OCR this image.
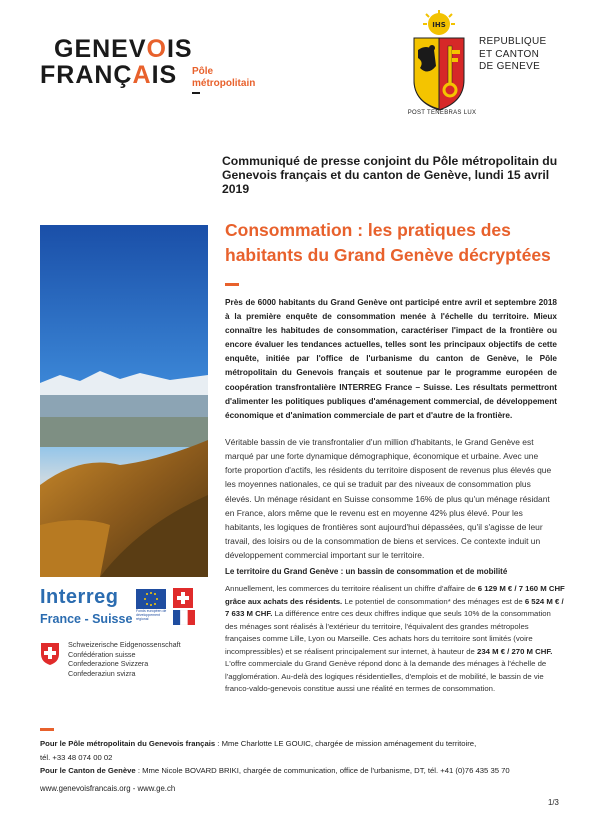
GENEVOIS
FRANÇAIS Pôle
métropolitain
IHS
POST TENEBRAS LUX
REPUBLIQUE
ET CANTON
DE GENEVE
Communiqué de presse conjoint du Pôle métropolitain du Genevois français et du canton de Genève, lundi 15 avril 2019
Consommation : les pratiques des habitants du Grand Genève décryptées
Interreg
France - Suisse
Fonds européen de développement régional
Schweizerische Eidgenossenschaft
Confédération suisse
Confederazione Svizzera
Confederaziun svizra
Près de 6000 habitants du Grand Genève ont participé entre avril et septembre 2018 à la première enquête de consommation menée à l'échelle du territoire. Mieux connaître les habitudes de consommation, caractériser l'impact de la frontière ou encore évaluer les tendances actuelles, telles sont les principaux objectifs de cette enquête, initiée par l'office de l'urbanisme du canton de Genève, le Pôle métropolitain du Genevois français et soutenue par le programme européen de coopération transfrontalière INTERREG France – Suisse. Les résultats permettront d'alimenter les politiques publiques d'aménagement commercial, de développement économique et d'animation commerciale de part et d'autre de la frontière.
Véritable bassin de vie transfrontalier d'un million d'habitants, le Grand Genève est marqué par une forte dynamique démographique, économique et urbaine. Avec une forte proportion d'actifs, les résidents du territoire disposent de revenus plus élevés que les moyennes nationales, ce qui se traduit par des niveaux de consommation plus élevés. Un ménage résidant en Suisse consomme 16% de plus qu'un ménage résidant en France, alors même que le revenu est en moyenne 42% plus élevé. Pour les habitants, les logiques de frontières sont aujourd'hui dépassées, qu'il s'agisse de leur travail, des loisirs ou de la consommation de biens et services. Ce contexte induit un développement commercial important sur le territoire.
Le territoire du Grand Genève : un bassin de consommation et de mobilité
Annuellement, les commerces du territoire réalisent un chiffre d'affaire de 6 129 M € / 7 160 M CHF grâce aux achats des résidents. Le potentiel de consommation* des ménages est de 6 524 M € / 7 633 M CHF. La différence entre ces deux chiffres indique que seuls 10% de la consommation des ménages sont réalisés à l'extérieur du territoire, l'équivalent des grandes métropoles françaises comme Lille, Lyon ou Marseille. Ces achats hors du territoire sont limités (voire incompressibles) et se réalisent principalement sur internet, à hauteur de 234 M € / 270 M CHF. L'offre commerciale du Grand Genève répond donc à la demande des ménages à l'échelle de l'agglomération. Au-delà des logiques résidentielles, d'emplois et de mobilité, le bassin de vie franco-valdo-genevois constitue aussi une réalité en termes de consommation.
Pour le Pôle métropolitain du Genevois français : Mme Charlotte LE GOUIC, chargée de mission aménagement du territoire,
tél. +33 48 074 00 02
Pour le Canton de Genève : Mme Nicole BOVARD BRIKI, chargée de communication, office de l'urbanisme, DT, tél. +41 (0)76 435 35 70
www.genevoisfrancais.org - www.ge.ch
1/3
